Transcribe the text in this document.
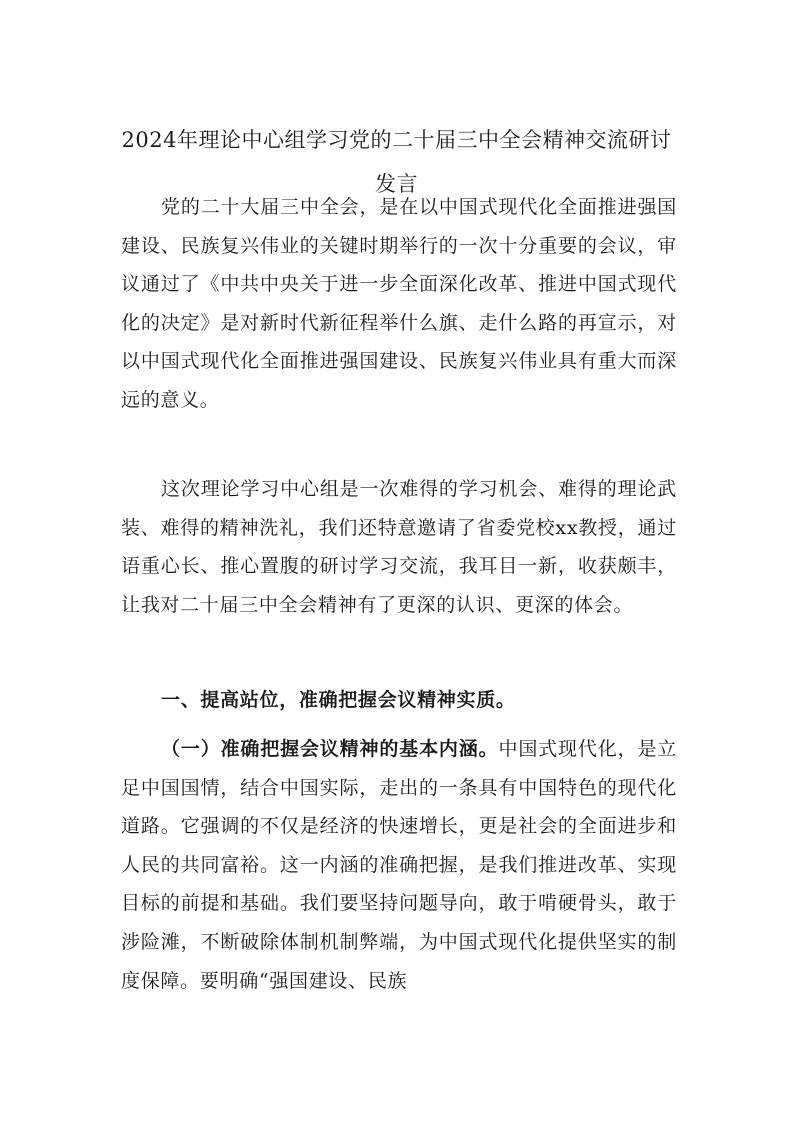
2024年理论中心组学习党的二十届三中全会精神交流研讨
发言

党的二十大届三中全会，是在以中国式现代化全面推进强国建设、民族复兴伟业的关键时期举行的一次十分重要的会议，审议通过了《中共中央关于进一步全面深化改革、推进中国式现代化的决定》是对新时代新征程举什么旗、走什么路的再宣示，对以中国式现代化全面推进强国建设、民族复兴伟业具有重大而深远的意义。

这次理论学习中心组是一次难得的学习机会、难得的理论武装、难得的精神洗礼，我们还特意邀请了省委党校xx教授，通过语重心长、推心置腹的研讨学习交流，我耳目一新，收获颇丰，让我对二十届三中全会精神有了更深的认识、更深的体会。

一、提高站位，准确把握会议精神实质。

（一）准确把握会议精神的基本内涵。中国式现代化，是立足中国国情，结合中国实际，走出的一条具有中国特色的现代化道路。它强调的不仅是经济的快速增长，更是社会的全面进步和人民的共同富裕。这一内涵的准确把握，是我们推进改革、实现目标的前提和基础。我们要坚持问题导向，敢于啃硬骨头，敢于涉险滩，不断破除体制机制弊端，为中国式现代化提供坚实的制度保障。要明确“强国建设、民族
